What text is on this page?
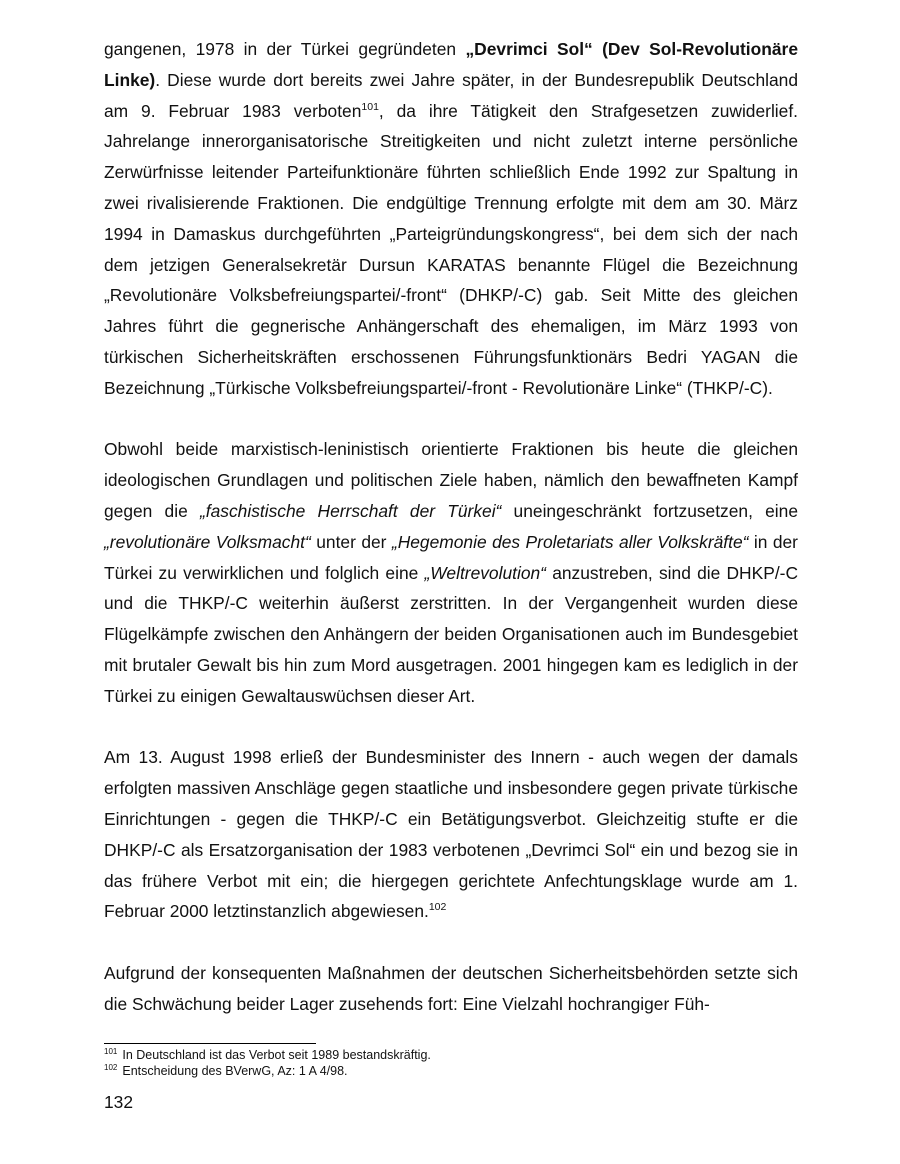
gangenen, 1978 in der Türkei gegründeten „Devrimci Sol“ (Dev Sol-Revolutionäre Linke). Diese wurde dort bereits zwei Jahre später, in der Bundesrepublik Deutschland am 9. Februar 1983 verboten$^{101}$, da ihre Tätigkeit den Strafgesetzen zuwiderlief. Jahrelange innerorganisatorische Streitigkeiten und nicht zuletzt interne persönliche Zerwürfnisse leitender Parteifunktionäre führten schließlich Ende 1992 zur Spaltung in zwei rivalisierende Fraktionen. Die endgültige Trennung erfolgte mit dem am 30. März 1994 in Damaskus durchgeführten „Parteigründungskongress“, bei dem sich der nach dem jetzigen Generalsekretär Dursun KARATAS benannte Flügel die Bezeichnung „Revolutionäre Volksbefreiungspartei/-front“ (DHKP/-C) gab. Seit Mitte des gleichen Jahres führt die gegnerische Anhängerschaft des ehemaligen, im März 1993 von türkischen Sicherheitskräften erschossenen Führungsfunktionärs Bedri YAGAN die Bezeichnung „Türkische Volksbefreiungspartei/-front - Revolutionäre Linke“ (THKP/-C).

Obwohl beide marxistisch-leninistisch orientierte Fraktionen bis heute die gleichen ideologischen Grundlagen und politischen Ziele haben, nämlich den bewaffneten Kampf gegen die „faschistische Herrschaft der Türkei“ uneingeschränkt fortzusetzen, eine „revolutionäre Volksmacht“ unter der „Hegemonie des Proletariats aller Volkskräfte“ in der Türkei zu verwirklichen und folglich eine „Weltrevolution“ anzustreben, sind die DHKP/-C und die THKP/-C weiterhin äußerst zerstritten. In der Vergangenheit wurden diese Flügelkämpfe zwischen den Anhängern der beiden Organisationen auch im Bundesgebiet mit brutaler Gewalt bis hin zum Mord ausgetragen. 2001 hingegen kam es lediglich in der Türkei zu einigen Gewaltauswüchsen dieser Art.

Am 13. August 1998 erließ der Bundesminister des Innern - auch wegen der damals erfolgten massiven Anschläge gegen staatliche und insbesondere gegen private türkische Einrichtungen - gegen die THKP/-C ein Betätigungsverbot. Gleichzeitig stufte er die DHKP/-C als Ersatzorganisation der 1983 verbotenen „Devrimci Sol“ ein und bezog sie in das frühere Verbot mit ein; die hiergegen gerichtete Anfechtungsklage wurde am 1. Februar 2000 letztinstanzlich abgewiesen.$^{102}$

Aufgrund der konsequenten Maßnahmen der deutschen Sicherheitsbehörden setzte sich die Schwächung beider Lager zusehends fort: Eine Vielzahl hochrangiger Füh-

$^{101}$ In Deutschland ist das Verbot seit 1989 bestandskräftig.
$^{102}$ Entscheidung des BVerwG, Az: 1 A 4/98.
132
